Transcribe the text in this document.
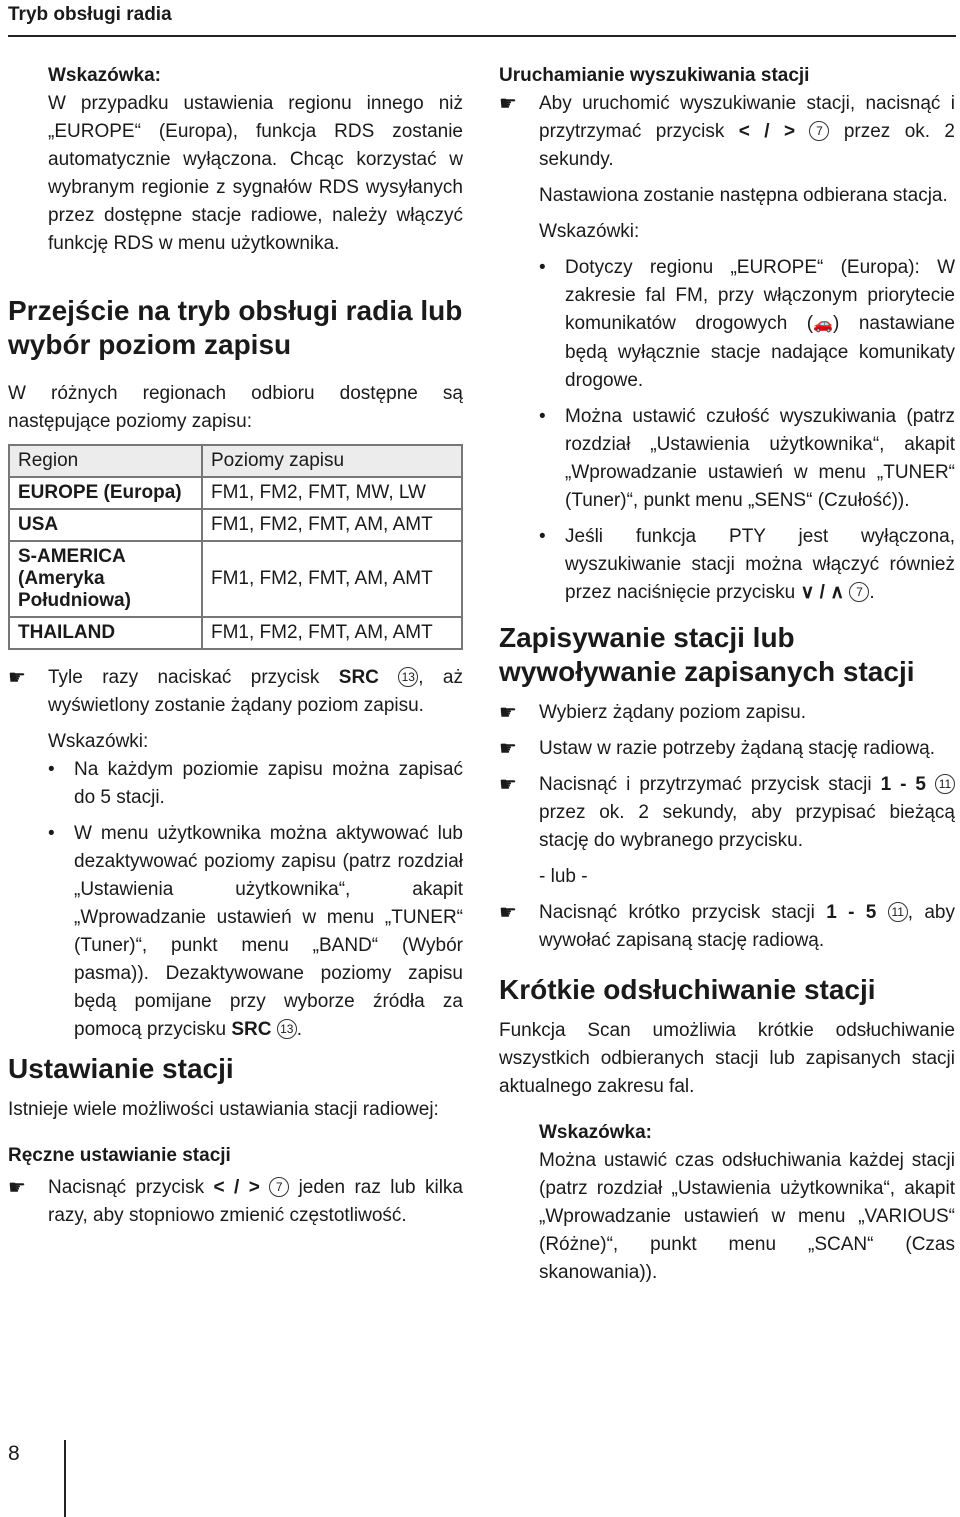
Tryb obsługi radia
Wskazówka:

W przypadku ustawienia regionu innego niż „EUROPE“ (Europa), funkcja RDS zostanie automatycznie wyłączona. Chcąc korzystać w wybranym regionie z sygnałów RDS wysyłanych przez dostępne stacje radiowe, należy włączyć funkcję RDS w menu użytkownika.

Przejście na tryb obsługi radia lub wybór poziom zapisu

W różnych regionach odbioru dostępne są następujące poziomy zapisu:

Region	Poziomy zapisu
EUROPE (Europa)	FM1, FM2, FMT, MW, LW
USA	FM1, FM2, FMT, AM, AMT
S-AMERICA (Ameryka Południowa)	FM1, FM2, FMT, AM, AMT
THAILAND	FM1, FM2, FMT, AM, AMT
☛ Tyle razy naciskać przycisk SRC 13 , aż wyświetlony zostanie żądany poziom zapisu.
Wskazówki:
• Na każdym poziomie zapisu można zapisać do 5 stacji.
• W menu użytkownika można aktywować lub dezaktywować poziomy zapisu (patrz rozdział „Ustawienia użytkownika“, akapit „Wprowadzanie ustawień w menu „TUNER“ (Tuner)“, punkt menu „BAND“ (Wybór pasma)). Dezaktywowane poziomy zapisu będą pomijane przy wyborze źródła za pomocą przycisku SRC 13 .
Ustawianie stacji

Istnieje wiele możliwości ustawiania stacji radiowej:

Ręczne ustawianie stacji
☛ Nacisnąć przycisk < / > 7 jeden raz lub kilka razy, aby stopniowo zmienić częstotliwość.
Uruchamianie wyszukiwania stacji
☛ Aby uruchomić wyszukiwanie stacji, nacisnąć i przytrzymać przycisk < / > 7 przez ok. 2 sekundy.

Nastawiona zostanie następna odbierana stacja.

Wskazówki:
• Dotyczy regionu „EUROPE“ (Europa): W zakresie fal FM, przy włączonym priorytecie komunikatów drogowych (🚗) nastawiane będą wyłącznie stacje nadające komunikaty drogowe.
• Można ustawić czułość wyszukiwania (patrz rozdział „Ustawienia użytkownika“, akapit „Wprowadzanie ustawień w menu „TUNER“ (Tuner)“, punkt menu „SENS“ (Czułość)).
• Jeśli funkcja PTY jest wyłączona, wyszukiwanie stacji można włączyć również przez naciśnięcie przycisku ∨ / ∧ 7 .
Zapisywanie stacji lub wywoływanie zapisanych stacji
☛ Wybierz żądany poziom zapisu.
☛ Ustaw w razie potrzeby żądaną stację radiową.
☛ Nacisnąć i przytrzymać przycisk stacji 1 - 5 11 przez ok. 2 sekundy, aby przypisać bieżącą stację do wybranego przycisku.
- lub -
☛ Nacisnąć krótko przycisk stacji 1 - 5 11 , aby wywołać zapisaną stację radiową.
Krótkie odsłuchiwanie stacji

Funkcja Scan umożliwia krótkie odsłuchiwanie wszystkich odbieranych stacji lub zapisanych stacji aktualnego zakresu fal.

Wskazówka:

Można ustawić czas odsłuchiwania każdej stacji (patrz rozdział „Ustawienia użytkownika“, akapit „Wprowadzanie ustawień w menu „VARIOUS“ (Różne)“, punkt menu „SCAN“ (Czas skanowania)).

8
